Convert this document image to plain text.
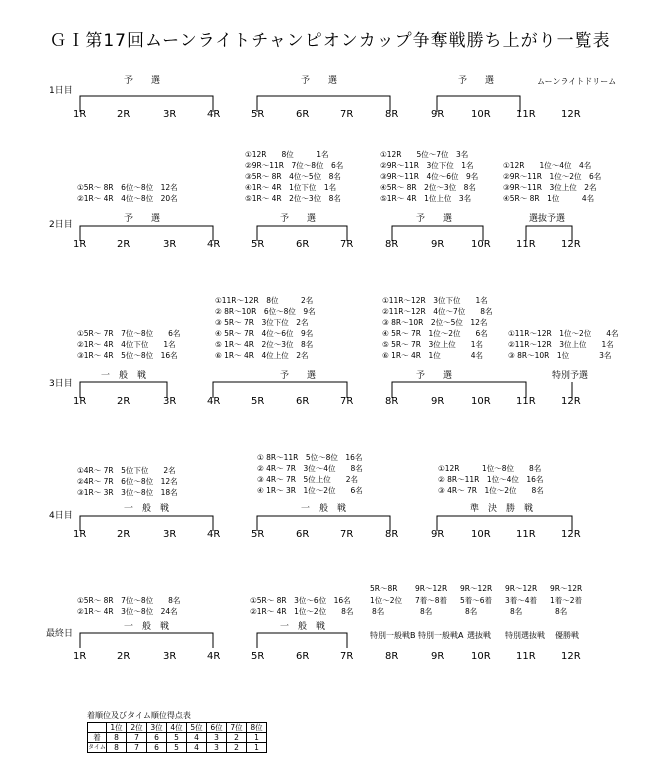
ＧＩ第17回ムーンライトチャンピオンカップ争奪戦勝ち上がり一覧表
1日目
予　　選	予　　選	予　　選	ムーンライトドリーム
1R	2R	3R	4R	5R	6R	7R	8R	9R	10R	11R	12R
①5R～ 8R　6位～8位　12名
②1R～ 4R　4位～8位　20名
①12R　　8位　　　1名
②9R～11R　7位～8位　6名
③5R～ 8R　4位～5位　8名
④1R～ 4R　1位下位　1名
⑤1R～ 4R　2位～3位　8名
①12R　　5位～7位　3名
②9R～11R　3位下位　1名
③9R～11R　4位～6位　9名
④5R～ 8R　2位～3位　8名
⑤1R～ 4R　1位上位　3名
①12R　　1位～4位　4名
②9R～11R　1位～2位　6名
③9R～11R　3位上位　2名
④5R～ 8R　1位　　　4名
2日目
予　　選	予　　選	予　　選	選抜予選
1R	2R	3R	4R	5R	6R	7R	8R	9R	10R	11R	12R
①5R～ 7R　7位～8位　　6名
②1R～ 4R　4位下位　　1名
③1R～ 4R　5位～8位　16名
①11R～12R　8位　　　2名
② 8R～10R　6位～8位　9名
③ 5R～ 7R　3位下位　2名
④ 5R～ 7R　4位～6位　9名
⑤ 1R～ 4R　2位～3位　8名
⑥ 1R～ 4R　4位上位　2名
①11R～12R　3位下位　　1名
②11R～12R　4位～7位　　8名
③ 8R～10R　2位～5位　12名
④ 5R～ 7R　1位～2位　　6名
⑤ 5R～ 7R　3位上位　　1名
⑥ 1R～ 4R　1位　　　　4名
①11R～12R　1位～2位　　4名
②11R～12R　3位上位　　1名
③ 8R～10R　1位　　　　3名
3日目
一　般　戦	予　　選	予　　選	特別予選
1R	2R	3R	4R	5R	6R	7R	8R	9R	10R	11R	12R
①4R～ 7R　5位下位　　2名
②4R～ 7R　6位～8位　12名
③1R～ 3R　3位～8位　18名
① 8R～11R　5位～8位　16名
② 4R～ 7R　3位～4位　　8名
③ 4R～ 7R　5位上位　　2名
④ 1R～ 3R　1位～2位　　6名
①12R　　　1位～8位　　8名
② 8R～11R　1位～4位　16名
③ 4R～ 7R　1位～2位　　8名
4日目
一　般　戦	一　般　戦	準　決　勝　戦
1R	2R	3R	4R	5R	6R	7R	8R	9R	10R	11R	12R
①5R～ 8R　7位～8位　　8名
②1R～ 4R　3位～8位　24名
①5R～ 8R　3位～6位　16名
②1R～ 4R　1位～2位　　8名
5R～8R 9R～12R 9R～12R 9R～12R 9R～12R
1位～2位 7着～8着 5着～6着 3着～4着 1着～2着
8名	8名	8名	8名	8名
最終日
一　般　戦	一　般　戦
特別一般戦B 特別一般戦A 選抜戦 特別選抜戦 優勝戦
1R	2R	3R	4R	5R	6R	7R	8R	9R	10R	11R	12R
着順位及びタイム順位得点表
	1位	2位	3位	4位	5位	6位	7位	8位
着	8	7	6	5	4	3	2	1
タイム	8	7	6	5	4	3	2	1
